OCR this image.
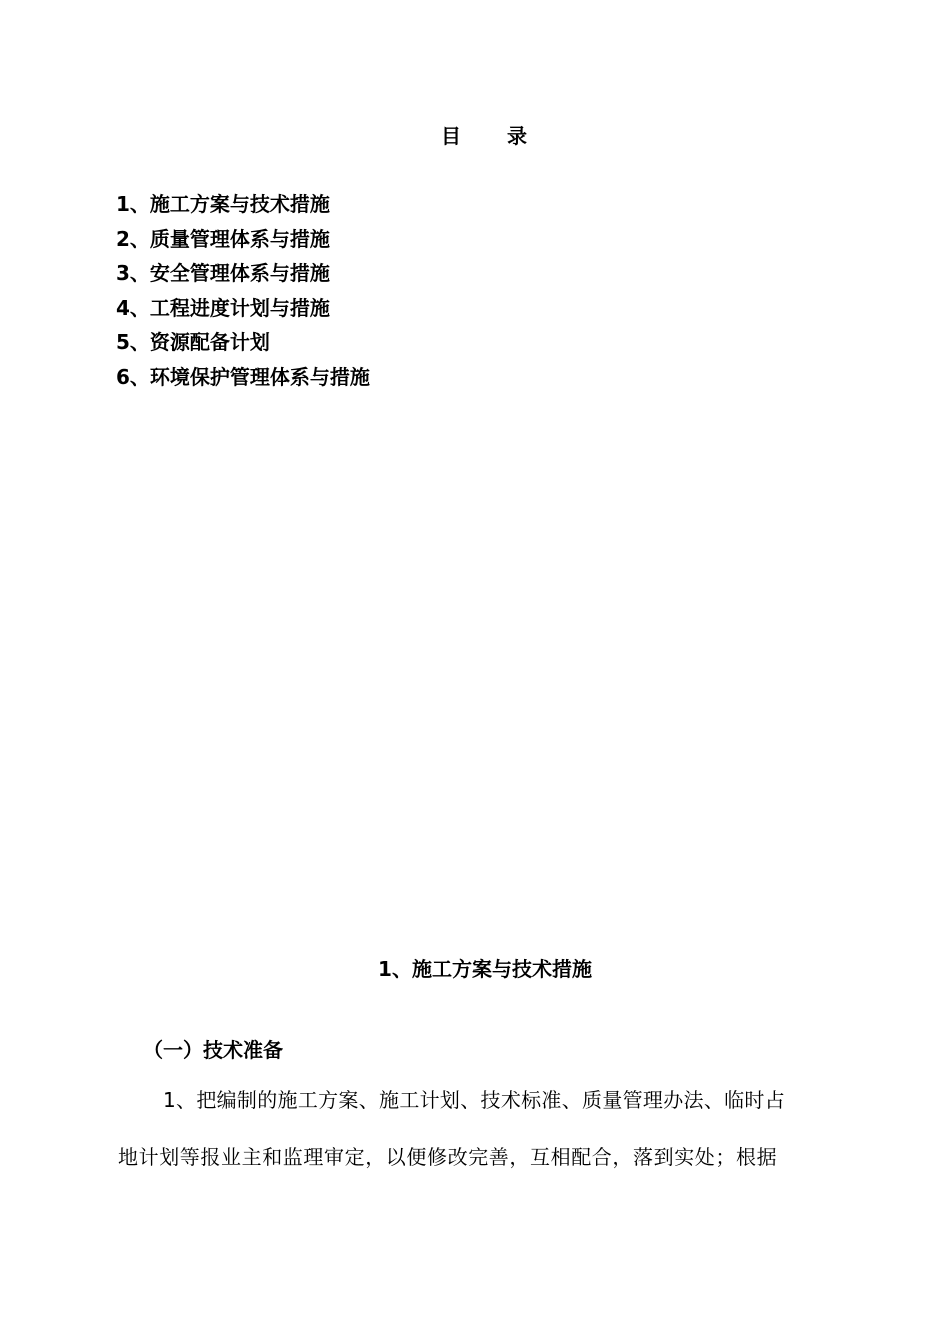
目　　录
1、施工方案与技术措施
2、质量管理体系与措施
3、安全管理体系与措施
4、工程进度计划与措施
5、资源配备计划
6、环境保护管理体系与措施
1、施工方案与技术措施
（一）技术准备
1、把编制的施工方案、施工计划、技术标准、质量管理办法、临时占
地计划等报业主和监理审定，以便修改完善，互相配合，落到实处；根据
